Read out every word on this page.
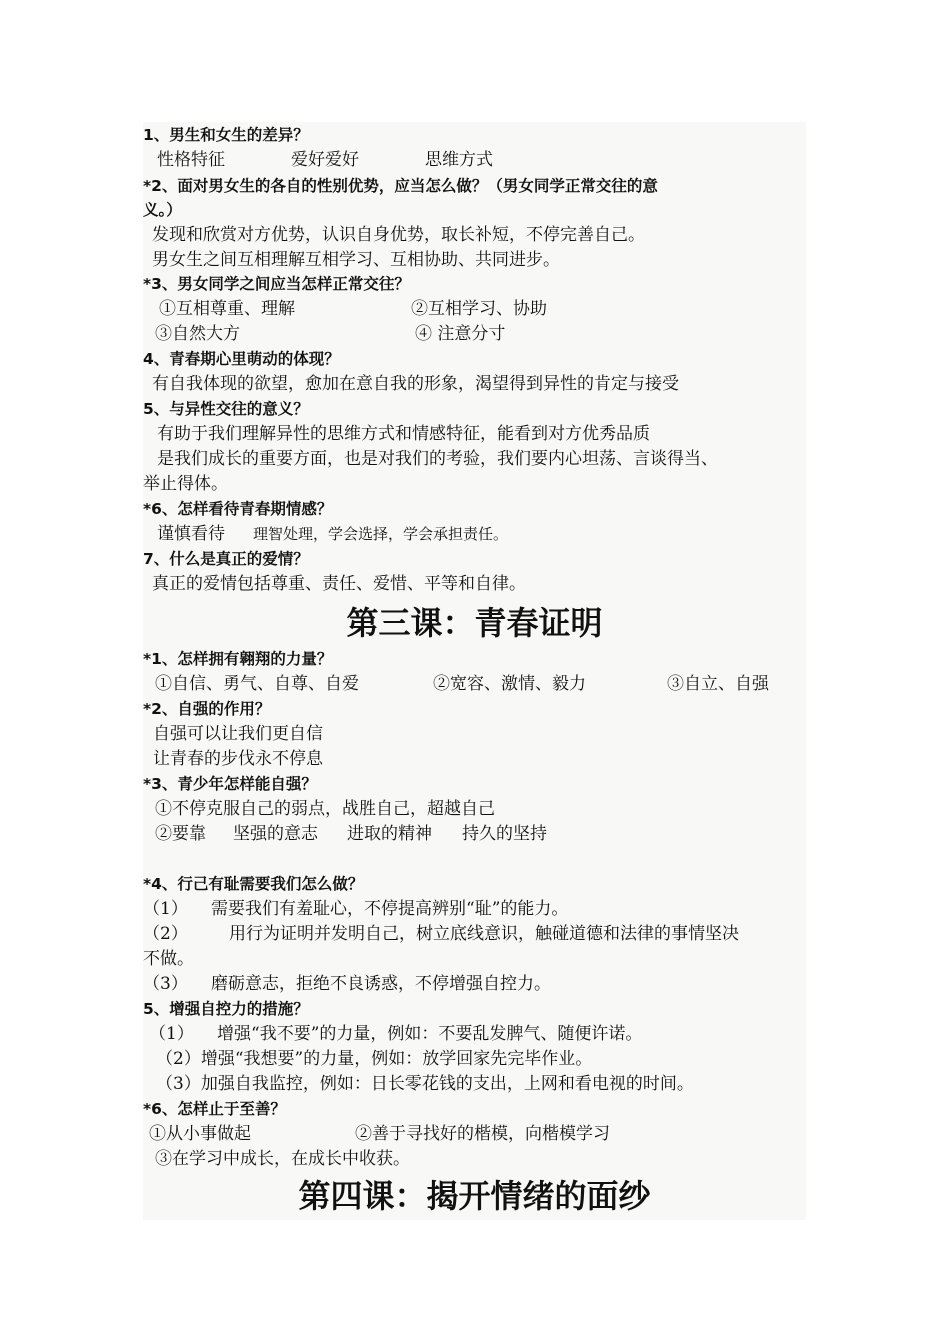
1、男生和女生的差异？
性格特征	爱好爱好	思维方式
*2、面对男女生的各自的性别优势，应当怎么做？（男女同学正常交往的意
义。）
发现和欣赏对方优势，认识自身优势，取长补短，不停完善自己。
男女生之间互相理解互相学习、互相协助、共同进步。
*3、男女同学之间应当怎样正常交往？
①互相尊重、理解	②互相学习、协助
③自然大方	④ 注意分寸
4、青春期心里萌动的体现？
有自我体现的欲望，愈加在意自我的形象，渴望得到异性的肯定与接受
5、与异性交往的意义？
有助于我们理解异性的思维方式和情感特征，能看到对方优秀品质
是我们成长的重要方面，也是对我们的考验，我们要内心坦荡、言谈得当、
举止得体。
*6、怎样看待青春期情感？
谨慎看待 理智处理，学会选择，学会承担责任。
7、什么是真正的爱情？
真正的爱情包括尊重、责任、爱惜、平等和自律。
第三课：青春证明
*1、怎样拥有翱翔的力量？
①自信、勇气、自尊、自爱	②宽容、激情、毅力	③自立、自强
*2、自强的作用？
自强可以让我们更自信
让青春的步伐永不停息
*3、青少年怎样能自强？
①不停克服自己的弱点，战胜自己，超越自己
②要靠 坚强的意志 进取的精神 持久的坚持
*4、行己有耻需要我们怎么做？
（1） 需要我们有羞耻心，不停提高辨别“耻”的能力。
（2） 用行为证明并发明自己，树立底线意识，触碰道德和法律的事情坚决
不做。
（3） 磨砺意志，拒绝不良诱惑，不停增强自控力。
5、增强自控力的措施？
（1） 增强“我不要”的力量，例如：不要乱发脾气、随便许诺。
（2）增强“我想要”的力量，例如：放学回家先完毕作业。
（3）加强自我监控，例如：日长零花钱的支出，上网和看电视的时间。
*6、怎样止于至善？
①从小事做起	②善于寻找好的楷模，向楷模学习
③在学习中成长，在成长中收获。
第四课：揭开情绪的面纱
